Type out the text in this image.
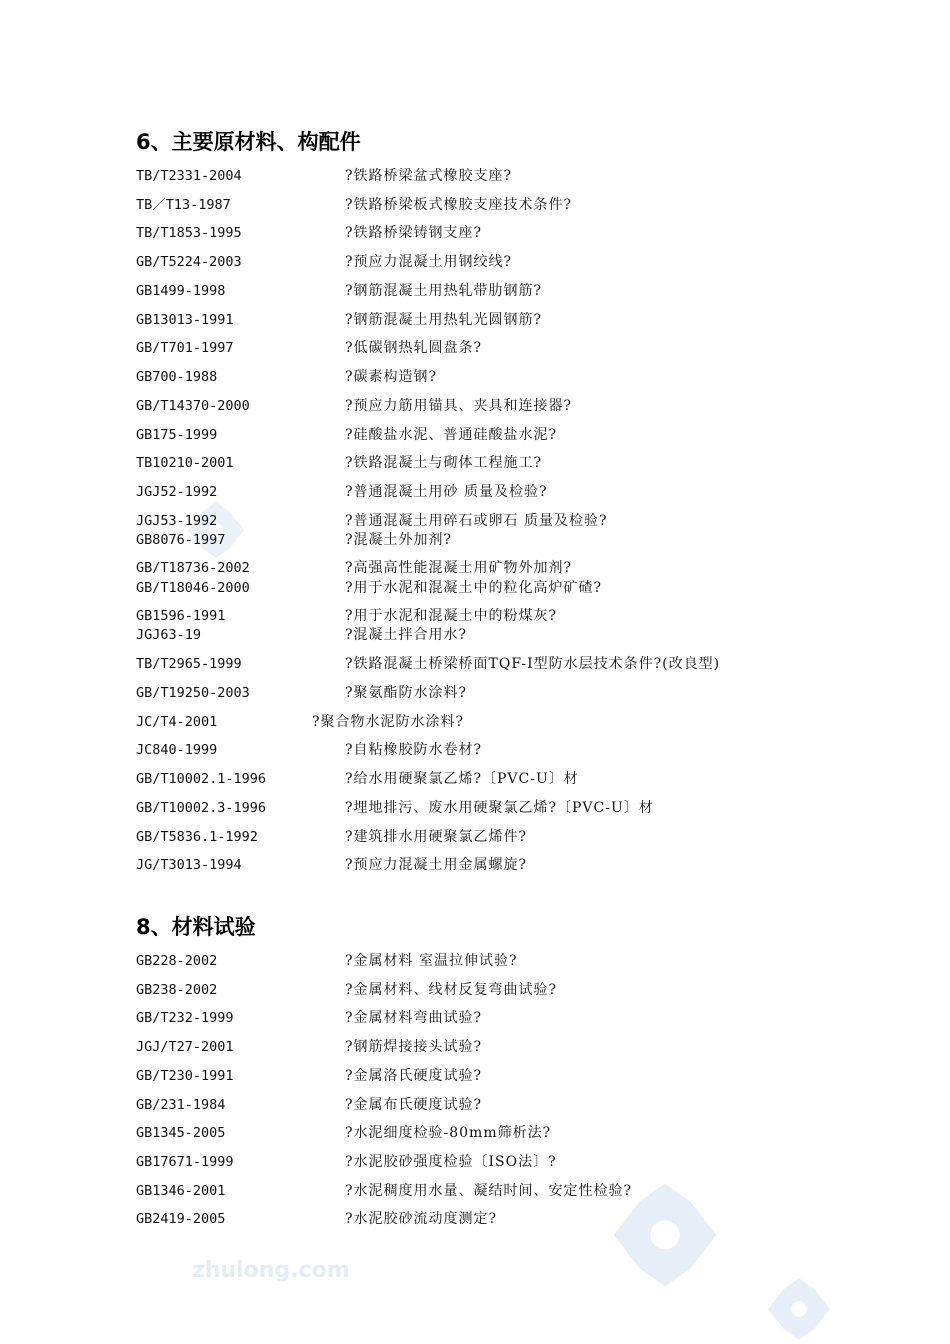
zhulong.com
6、主要原材料、构配件
TB/T2331-2004	?铁路桥梁盆式橡胶支座?
TB／T13-1987	?铁路桥梁板式橡胶支座技术条件?
TB/T1853-1995	?铁路桥梁铸钢支座?
GB/T5224-2003	?预应力混凝土用钢绞线?
GB1499-1998	?钢筋混凝土用热轧带肋钢筋?
GB13013-1991	?钢筋混凝土用热轧光圆钢筋?
GB/T701-1997	?低碳钢热轧圆盘条?
GB700-1988	?碳素构造钢?
GB/T14370-2000	?预应力筋用锚具、夹具和连接器?
GB175-1999	?硅酸盐水泥、普通硅酸盐水泥?
TB10210-2001	?铁路混凝土与砌体工程施工?
JGJ52-1992	?普通混凝土用砂 质量及检验?
JGJ53-1992	?普通混凝土用碎石或卵石 质量及检验?
GB8076-1997	?混凝土外加剂?
GB/T18736-2002	?高强高性能混凝土用矿物外加剂?
GB/T18046-2000	?用于水泥和混凝土中的粒化高炉矿碴?
GB1596-1991	?用于水泥和混凝土中的粉煤灰?
JGJ63-19	?混凝土拌合用水?
TB/T2965-1999	?铁路混凝土桥梁桥面TQF-I型防水层技术条件?(改良型)
GB/T19250-2003	?聚氨酯防水涂料?
JC/T4-2001	?聚合物水泥防水涂料?
JC840-1999	?自粘橡胶防水卷材?
GB/T10002.1-1996	?给水用硬聚氯乙烯?〔PVC-U〕材
GB/T10002.3-1996	?埋地排污、废水用硬聚氯乙烯?〔PVC-U〕材
GB/T5836.1-1992	?建筑排水用硬聚氯乙烯件?
JG/T3013-1994	?预应力混凝土用金属螺旋?
8、材料试验
GB228-2002	?金属材料 室温拉伸试验?
GB238-2002	?金属材料、线材反复弯曲试验?
GB/T232-1999	?金属材料弯曲试验?
JGJ/T27-2001	?钢筋焊接接头试验?
GB/T230-1991	?金属洛氏硬度试验?
GB/231-1984	?金属布氏硬度试验?
GB1345-2005	?水泥细度检验-80mm筛析法?
GB17671-1999	?水泥胶砂强度检验〔ISO法〕?
GB1346-2001	?水泥稠度用水量、凝结时间、安定性检验?
GB2419-2005	?水泥胶砂流动度测定?
